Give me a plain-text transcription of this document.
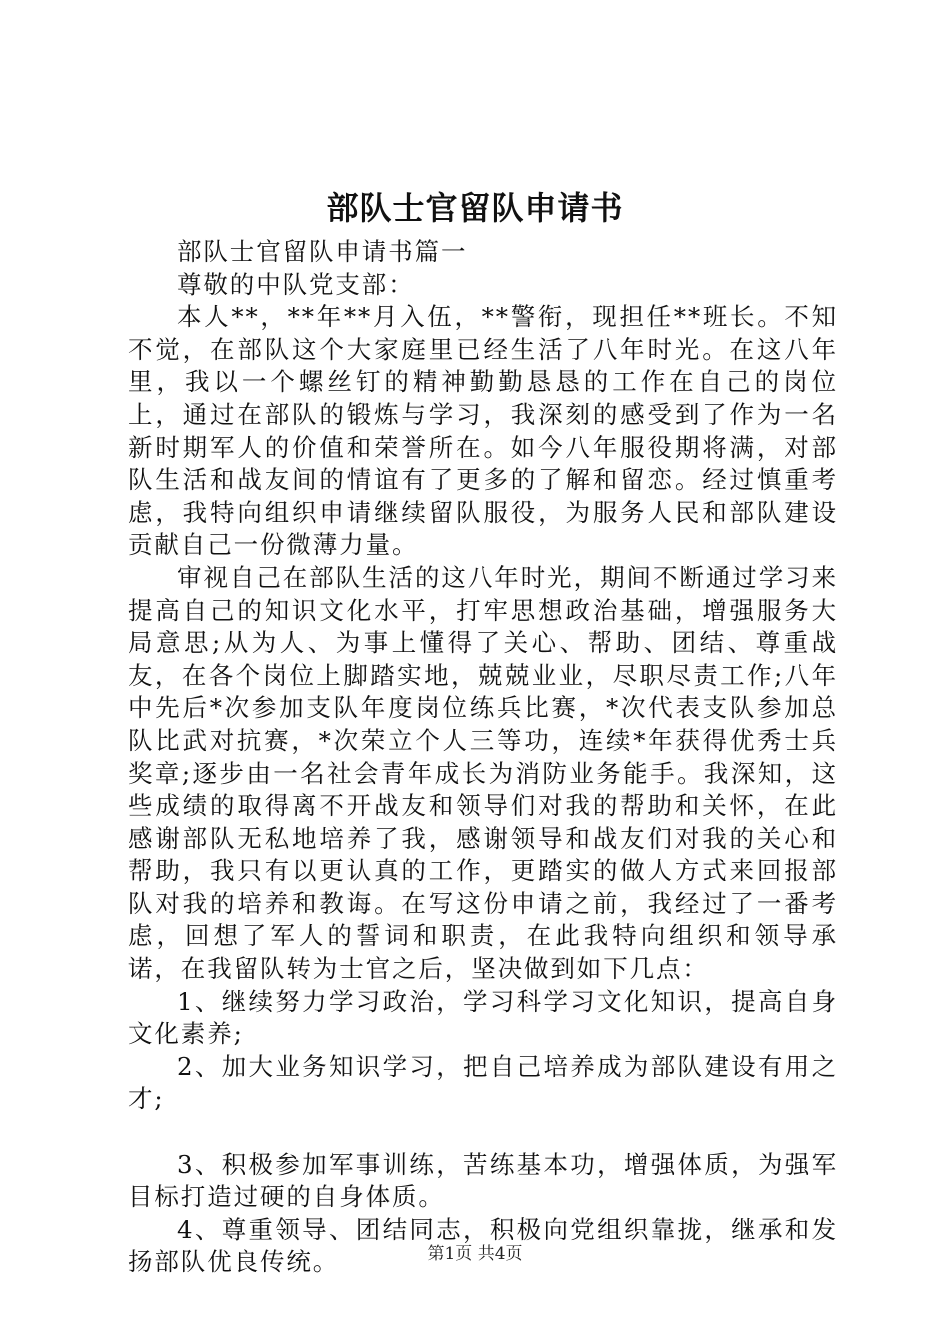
部队士官留队申请书

部队士官留队申请书篇一

尊敬的中队党支部：

本人**，**年**月入伍，**警衔，现担任**班长。不知不觉，在部队这个大家庭里已经生活了八年时光。在这八年里，我以一个螺丝钉的精神勤勤恳恳的工作在自己的岗位上，通过在部队的锻炼与学习，我深刻的感受到了作为一名新时期军人的价值和荣誉所在。如今八年服役期将满，对部队生活和战友间的情谊有了更多的了解和留恋。经过慎重考虑，我特向组织申请继续留队服役，为服务人民和部队建设贡献自己一份微薄力量。

审视自己在部队生活的这八年时光，期间不断通过学习来提高自己的知识文化水平，打牢思想政治基础，增强服务大局意思;从为人、为事上懂得了关心、帮助、团结、尊重战友，在各个岗位上脚踏实地，兢兢业业，尽职尽责工作;八年中先后*次参加支队年度岗位练兵比赛，*次代表支队参加总队比武对抗赛，*次荣立个人三等功，连续*年获得优秀士兵奖章;逐步由一名社会青年成长为消防业务能手。我深知，这些成绩的取得离不开战友和领导们对我的帮助和关怀，在此感谢部队无私地培养了我，感谢领导和战友们对我的关心和帮助，我只有以更认真的工作，更踏实的做人方式来回报部队对我的培养和教诲。在写这份申请之前，我经过了一番考虑，回想了军人的誓词和职责，在此我特向组织和领导承诺，在我留队转为士官之后，坚决做到如下几点：

1、继续努力学习政治，学习科学习文化知识，提高自身文化素养;

2、加大业务知识学习，把自己培养成为部队建设有用之才;

3、积极参加军事训练，苦练基本功，增强体质，为强军目标打造过硬的自身体质。

4、尊重领导、团结同志，积极向党组织靠拢，继承和发扬部队优良传统。	第1页 共4页
